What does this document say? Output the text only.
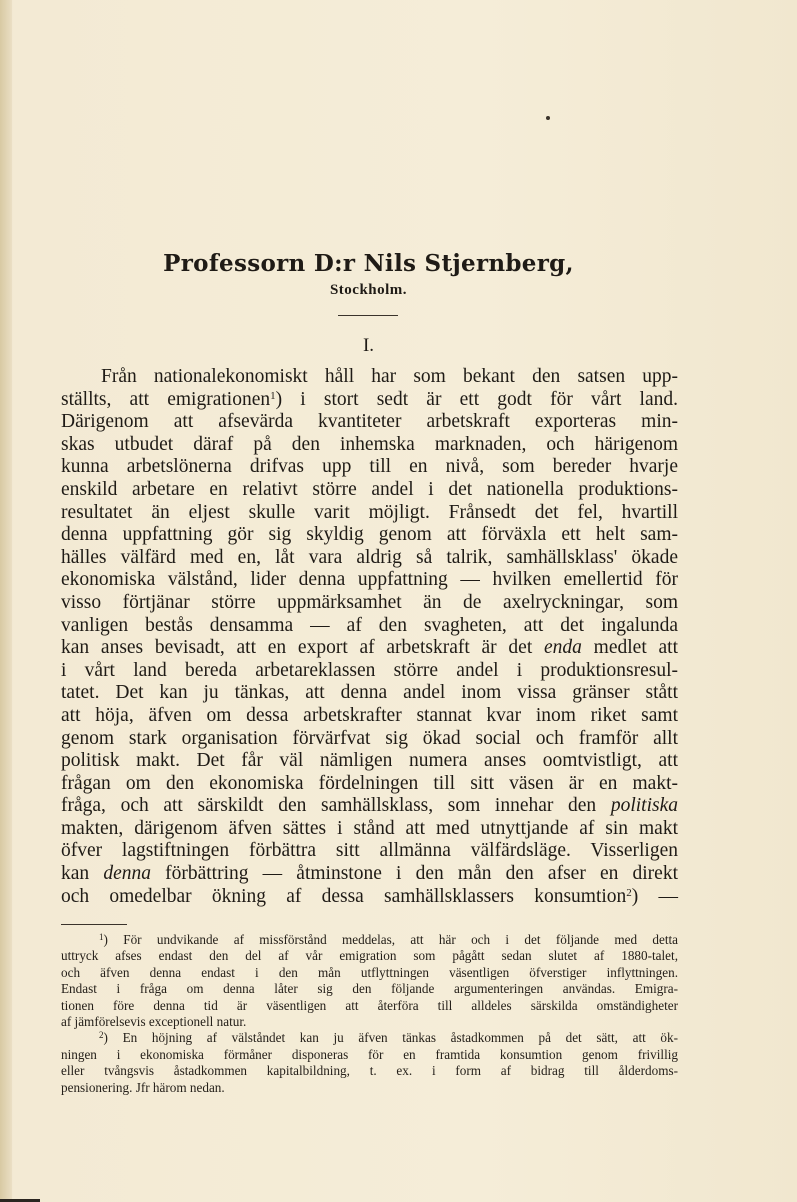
Professorn D:r Nils Stjernberg,
Stockholm.
I.
Från nationalekonomiskt håll har som bekant den satsen upp-
ställts, att emigrationen$^1$) i stort sedt är ett godt för vårt land.
Därigenom att afsevärda kvantiteter arbetskraft exporteras min-
skas utbudet däraf på den inhemska marknaden, och härigenom
kunna arbetslönerna drifvas upp till en nivå, som bereder hvarje
enskild arbetare en relativt större andel i det nationella produktions-
resultatet än eljest skulle varit möjligt. Frånsedt det fel, hvartill
denna uppfattning gör sig skyldig genom att förväxla ett helt sam-
hälles välfärd med en, låt vara aldrig så talrik, samhällsklass' ökade
ekonomiska välstånd, lider denna uppfattning — hvilken emellertid för
visso förtjänar större uppmärksamhet än de axelryckningar, som
vanligen bestås densamma — af den svagheten, att det ingalunda
kan anses bevisadt, att en export af arbetskraft är det enda medlet att
i vårt land bereda arbetareklassen större andel i produktionsresul-
tatet. Det kan ju tänkas, att denna andel inom vissa gränser stått
att höja, äfven om dessa arbetskrafter stannat kvar inom riket samt
genom stark organisation förvärfvat sig ökad social och framför allt
politisk makt. Det får väl nämligen numera anses oomtvistligt, att
frågan om den ekonomiska fördelningen till sitt väsen är en makt-
fråga, och att särskildt den samhällsklass, som innehar den politiska
makten, därigenom äfven sättes i stånd att med utnyttjande af sin makt
öfver lagstiftningen förbättra sitt allmänna välfärdsläge. Visserligen
kan denna förbättring — åtminstone i den mån den afser en direkt
och omedelbar ökning af dessa samhällsklassers konsumtion$^2$) —
$^1$) För undvikande af missförstånd meddelas, att här och i det följande med detta
uttryck afses endast den del af vår emigration som pågått sedan slutet af 1880-talet,
och äfven denna endast i den mån utflyttningen väsentligen öfverstiger inflyttningen.
Endast i fråga om denna låter sig den följande argumenteringen användas. Emigra-
tionen före denna tid är väsentligen att återföra till alldeles särskilda omständigheter
af jämförelsevis exceptionell natur.
$^2$) En höjning af välståndet kan ju äfven tänkas åstadkommen på det sätt, att ök-
ningen i ekonomiska förmåner disponeras för en framtida konsumtion genom frivillig
eller tvångsvis åstadkommen kapitalbildning, t. ex. i form af bidrag till ålderdoms-
pensionering. Jfr härom nedan.
